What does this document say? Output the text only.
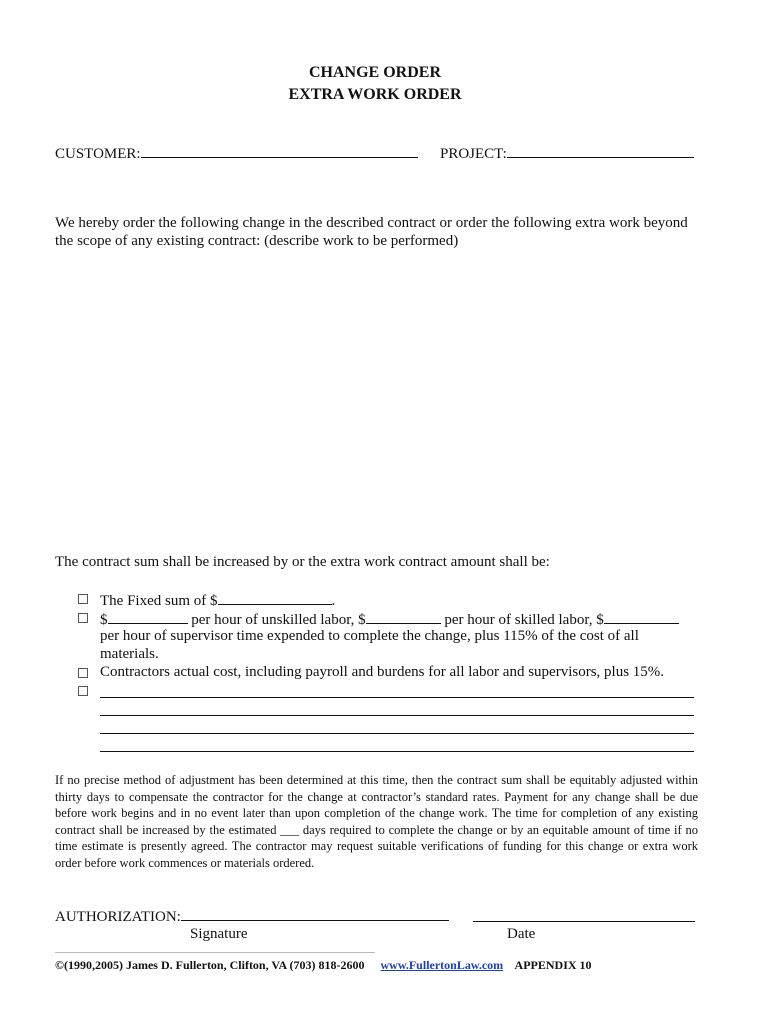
CHANGE ORDER
EXTRA WORK ORDER
CUSTOMER:	PROJECT:
We hereby order the following change in the described contract or order the following extra work beyond the scope of any existing contract: (describe work to be performed)
The contract sum shall be increased by or the extra work contract amount shall be:
The Fixed sum of $	.
$	per hour of unskilled labor, $	per hour of skilled labor, $
per hour of supervisor time expended to complete the change, plus 115% of the cost of all
materials.
Contractors actual cost, including payroll and burdens for all labor and supervisors, plus 15%.
If no precise method of adjustment has been determined at this time, then the contract sum shall be equitably adjusted within thirty days to compensate the contractor for the change at contractor’s standard rates. Payment for any change shall be due before work begins and in no event later than upon completion of the change work. The time for completion of any existing contract shall be increased by the estimated ___ days required to complete the change or by an equitable amount of time if no time estimate is presently agreed. The contractor may request suitable verifications of funding for this change or extra work order before work commences or materials ordered.
AUTHORIZATION:
Signature	Date
©(1990,2005) James D. Fullerton, Clifton, VA (703) 818-2600 www.FullertonLaw.com APPENDIX 10
